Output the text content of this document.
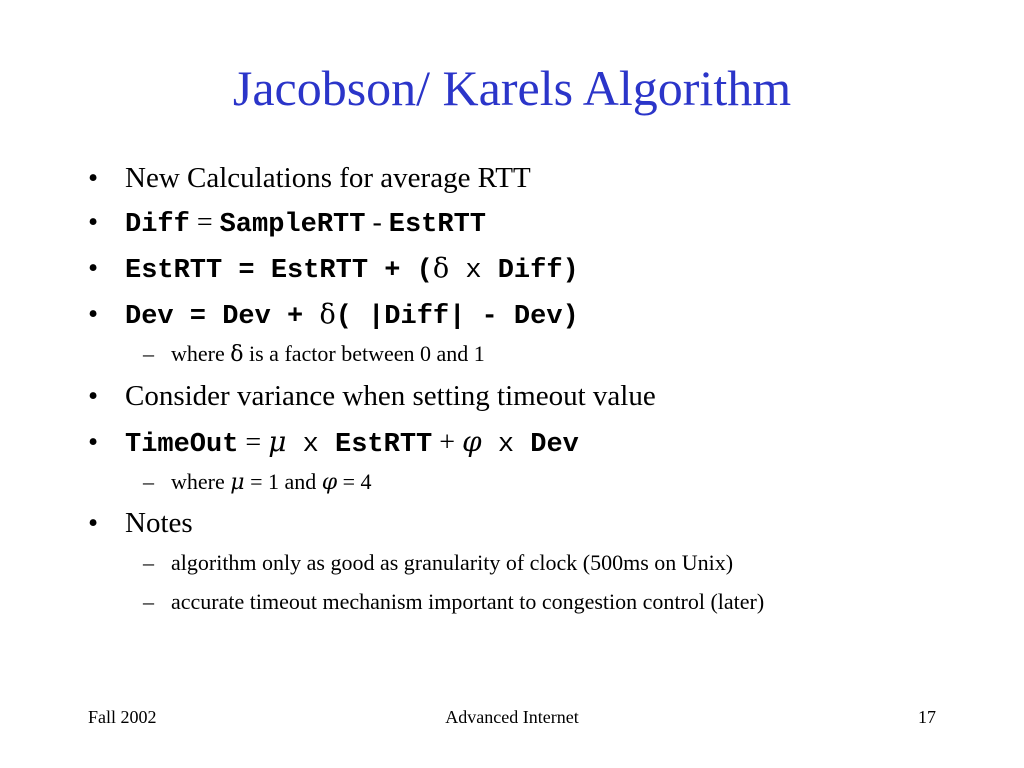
Jacobson/ Karels Algorithm
• New Calculations for average RTT
• Diff = SampleRTT - EstRTT
• EstRTT = EstRTT + (δ x Diff)
• Dev = Dev + δ( |Diff| - Dev)
– where δ is a factor between 0 and 1
• Consider variance when setting timeout value
• TimeOut = μ x EstRTT + φ x Dev
– where μ = 1 and φ = 4
• Notes
– algorithm only as good as granularity of clock (500ms on Unix)
– accurate timeout mechanism important to congestion control (later)
Fall 2002	Advanced Internet	17
